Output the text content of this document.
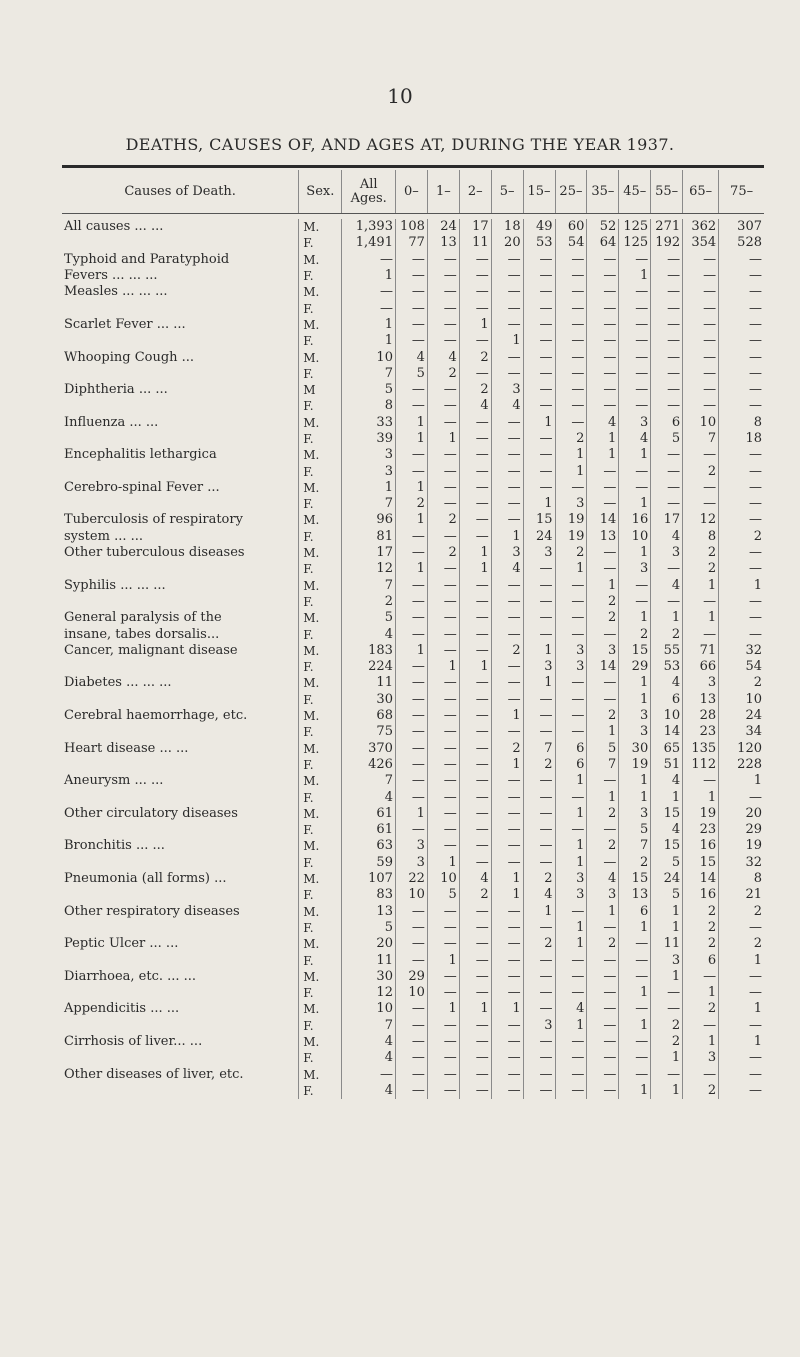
10
DEATHS, CAUSES OF, AND AGES AT, DURING THE YEAR 1937.
Causes of Death.	Sex.	All Ages.	0–	1–	2–	5–	15–	25–	35–	45–	55–	65–	75–

All causes ... ...	M.	1,393	108	24	17	18	49	60	52	125	271	362	307
	F.	1,491	77	13	11	20	53	54	64	125	192	354	528
Typhoid and Paratyphoid	M.	—	—	—	—	—	—	—	—	—	—	—	—
Fevers ... ... ...	F.	1	—	—	—	—	—	—	—	1	—	—	—
Measles ... ... ...	M.	—	—	—	—	—	—	—	—	—	—	—	—
	F.	—	—	—	—	—	—	—	—	—	—	—	—
Scarlet Fever ... ...	M.	1	—	—	1	—	—	—	—	—	—	—	—
	F.	1	—	—	—	1	—	—	—	—	—	—	—
Whooping Cough ...	M.	10	4	4	2	—	—	—	—	—	—	—	—
	F.	7	5	2	—	—	—	—	—	—	—	—	—
Diphtheria ... ...	M	5	—	—	2	3	—	—	—	—	—	—	—
	F.	8	—	—	4	4	—	—	—	—	—	—	—
Influenza ... ...	M.	33	1	—	—	—	1	—	4	3	6	10	8
	F.	39	1	1	—	—	—	2	1	4	5	7	18
Encephalitis lethargica	M.	3	—	—	—	—	—	1	1	1	—	—	—
	F.	3	—	—	—	—	—	1	—	—	—	2	—
Cerebro-spinal Fever ...	M.	1	1	—	—	—	—	—	—	—	—	—	—
	F.	7	2	—	—	—	1	3	—	1	—	—	—
Tuberculosis of respiratory	M.	96	1	2	—	—	15	19	14	16	17	12	—
system ... ...	F.	81	—	—	—	1	24	19	13	10	4	8	2
Other tuberculous diseases	M.	17	—	2	1	3	3	2	—	1	3	2	—
	F.	12	1	—	1	4	—	1	—	3	—	2	—
Syphilis ... ... ...	M.	7	—	—	—	—	—	—	1	—	4	1	1
	F.	2	—	—	—	—	—	—	2	—	—	—	—
General paralysis of the	M.	5	—	—	—	—	—	—	2	1	1	1	—
insane, tabes dorsalis...	F.	4	—	—	—	—	—	—	—	2	2	—	—
Cancer, malignant disease	M.	183	1	—	—	2	1	3	3	15	55	71	32
	F.	224	—	1	1	—	3	3	14	29	53	66	54
Diabetes ... ... ...	M.	11	—	—	—	—	1	—	—	1	4	3	2
	F.	30	—	—	—	—	—	—	—	1	6	13	10
Cerebral haemorrhage, etc.	M.	68	—	—	—	1	—	—	2	3	10	28	24
	F.	75	—	—	—	—	—	—	1	3	14	23	34
Heart disease ... ...	M.	370	—	—	—	2	7	6	5	30	65	135	120
	F.	426	—	—	—	1	2	6	7	19	51	112	228
Aneurysm ... ...	M.	7	—	—	—	—	—	1	—	1	4	—	1
	F.	4	—	—	—	—	—	—	1	1	1	1	—
Other circulatory diseases	M.	61	1	—	—	—	—	1	2	3	15	19	20
	F.	61	—	—	—	—	—	—	—	5	4	23	29
Bronchitis ... ...	M.	63	3	—	—	—	—	1	2	7	15	16	19
	F.	59	3	1	—	—	—	1	—	2	5	15	32
Pneumonia (all forms) ...	M.	107	22	10	4	1	2	3	4	15	24	14	8
	F.	83	10	5	2	1	4	3	3	13	5	16	21
Other respiratory diseases	M.	13	—	—	—	—	1	—	1	6	1	2	2
	F.	5	—	—	—	—	—	1	—	1	1	2	—
Peptic Ulcer ... ...	M.	20	—	—	—	—	2	1	2	—	11	2	2
	F.	11	—	1	—	—	—	—	—	—	3	6	1
Diarrhoea, etc. ... ...	M.	30	29	—	—	—	—	—	—	—	1	—	—
	F.	12	10	—	—	—	—	—	—	1	—	1	—
Appendicitis ... ...	M.	10	—	1	1	1	—	4	—	—	—	2	1
	F.	7	—	—	—	—	3	1	—	1	2	—	—
Cirrhosis of liver... ...	M.	4	—	—	—	—	—	—	—	—	2	1	1
	F.	4	—	—	—	—	—	—	—	—	1	3	—
Other diseases of liver, etc.	M.	—	—	—	—	—	—	—	—	—	—	—	—
	F.	4	—	—	—	—	—	—	—	1	1	2	—
